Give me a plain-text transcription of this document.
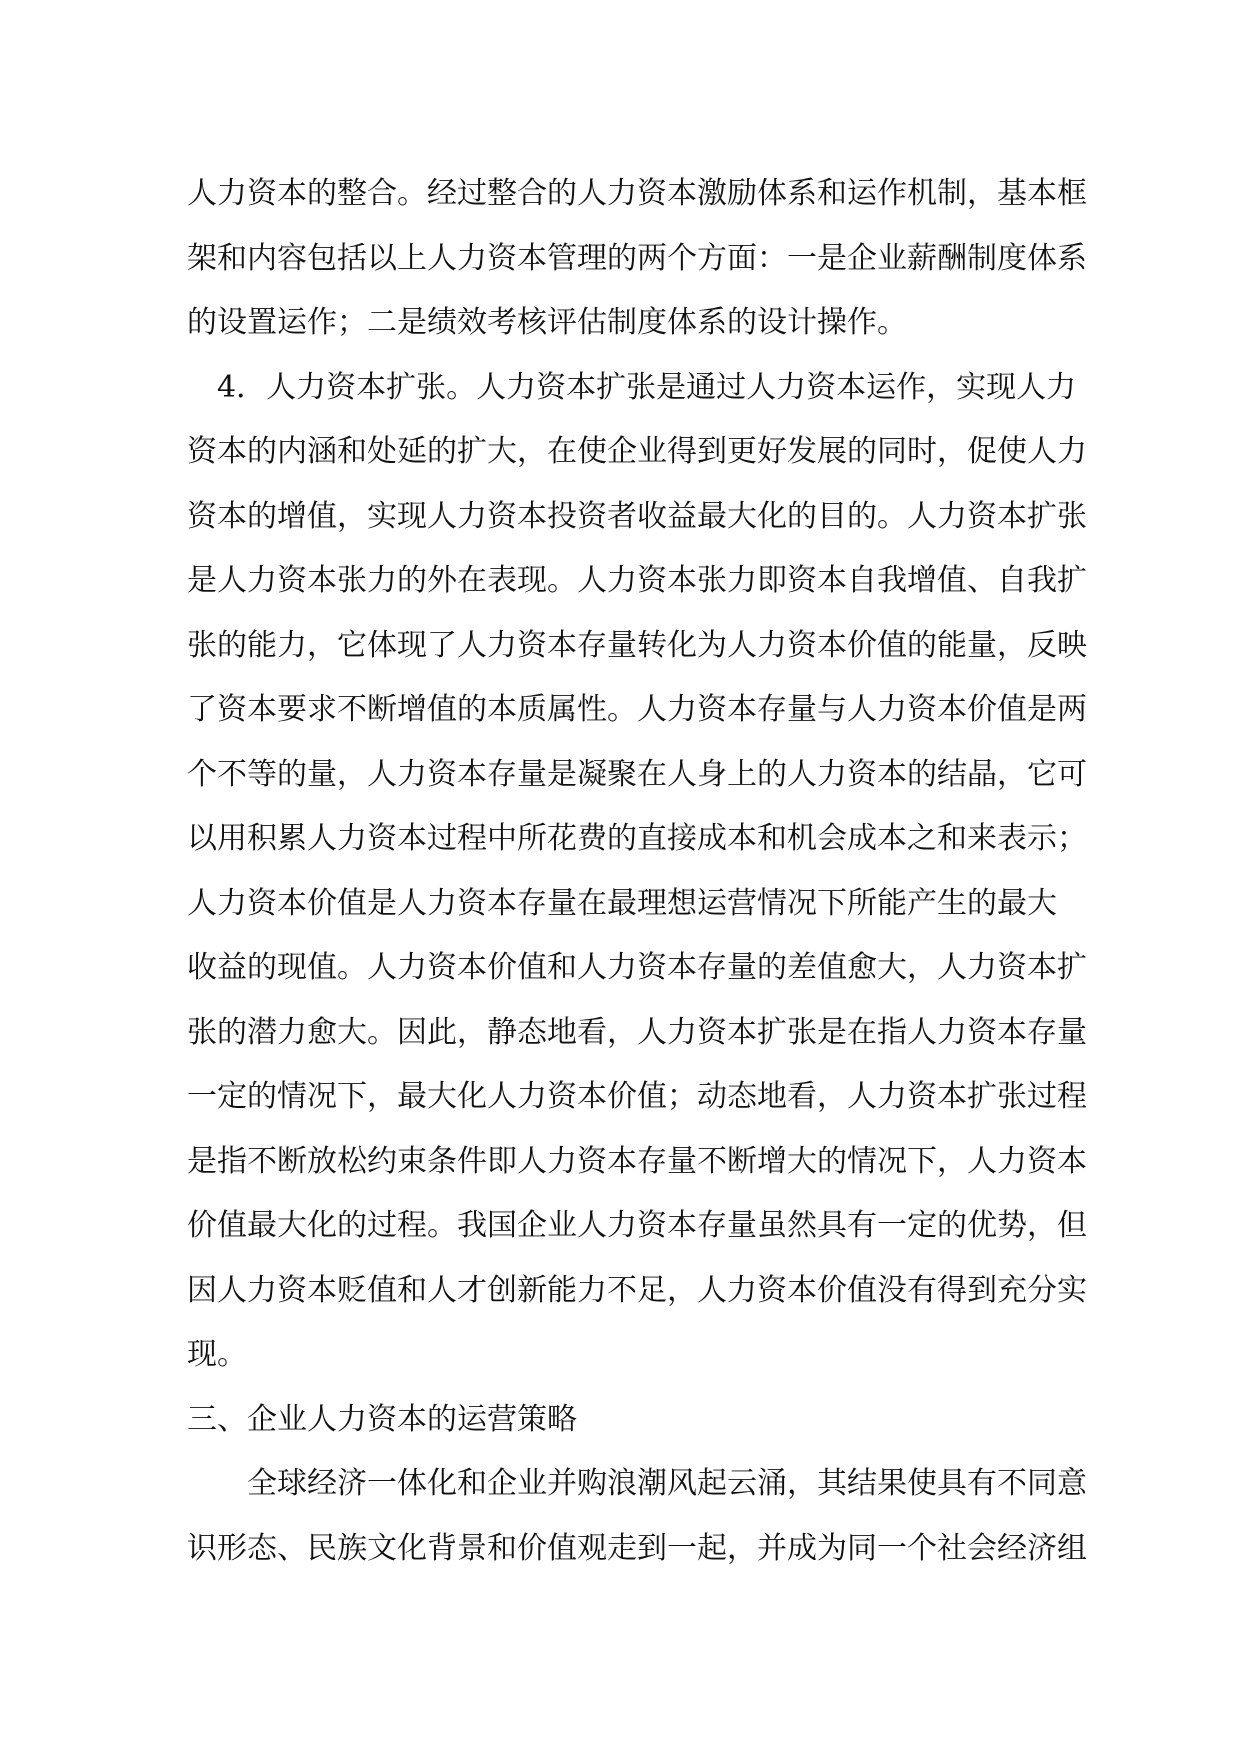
人力资本的整合。经过整合的人力资本激励体系和运作机制，基本框
架和内容包括以上人力资本管理的两个方面：一是企业薪酬制度体系
的设置运作；二是绩效考核评估制度体系的设计操作。
4．人力资本扩张。人力资本扩张是通过人力资本运作，实现人力
资本的内涵和处延的扩大，在使企业得到更好发展的同时，促使人力
资本的增值，实现人力资本投资者收益最大化的目的。人力资本扩张
是人力资本张力的外在表现。人力资本张力即资本自我增值、自我扩
张的能力，它体现了人力资本存量转化为人力资本价值的能量，反映
了资本要求不断增值的本质属性。人力资本存量与人力资本价值是两
个不等的量，人力资本存量是凝聚在人身上的人力资本的结晶，它可
以用积累人力资本过程中所花费的直接成本和机会成本之和来表示；
人力资本价值是人力资本存量在最理想运营情况下所能产生的最大
收益的现值。人力资本价值和人力资本存量的差值愈大，人力资本扩
张的潜力愈大。因此，静态地看，人力资本扩张是在指人力资本存量
一定的情况下，最大化人力资本价值；动态地看，人力资本扩张过程
是指不断放松约束条件即人力资本存量不断增大的情况下，人力资本
价值最大化的过程。我国企业人力资本存量虽然具有一定的优势，但
因人力资本贬值和人才创新能力不足，人力资本价值没有得到充分实
现。
三、企业人力资本的运营策略
全球经济一体化和企业并购浪潮风起云涌，其结果使具有不同意
识形态、民族文化背景和价值观走到一起，并成为同一个社会经济组
